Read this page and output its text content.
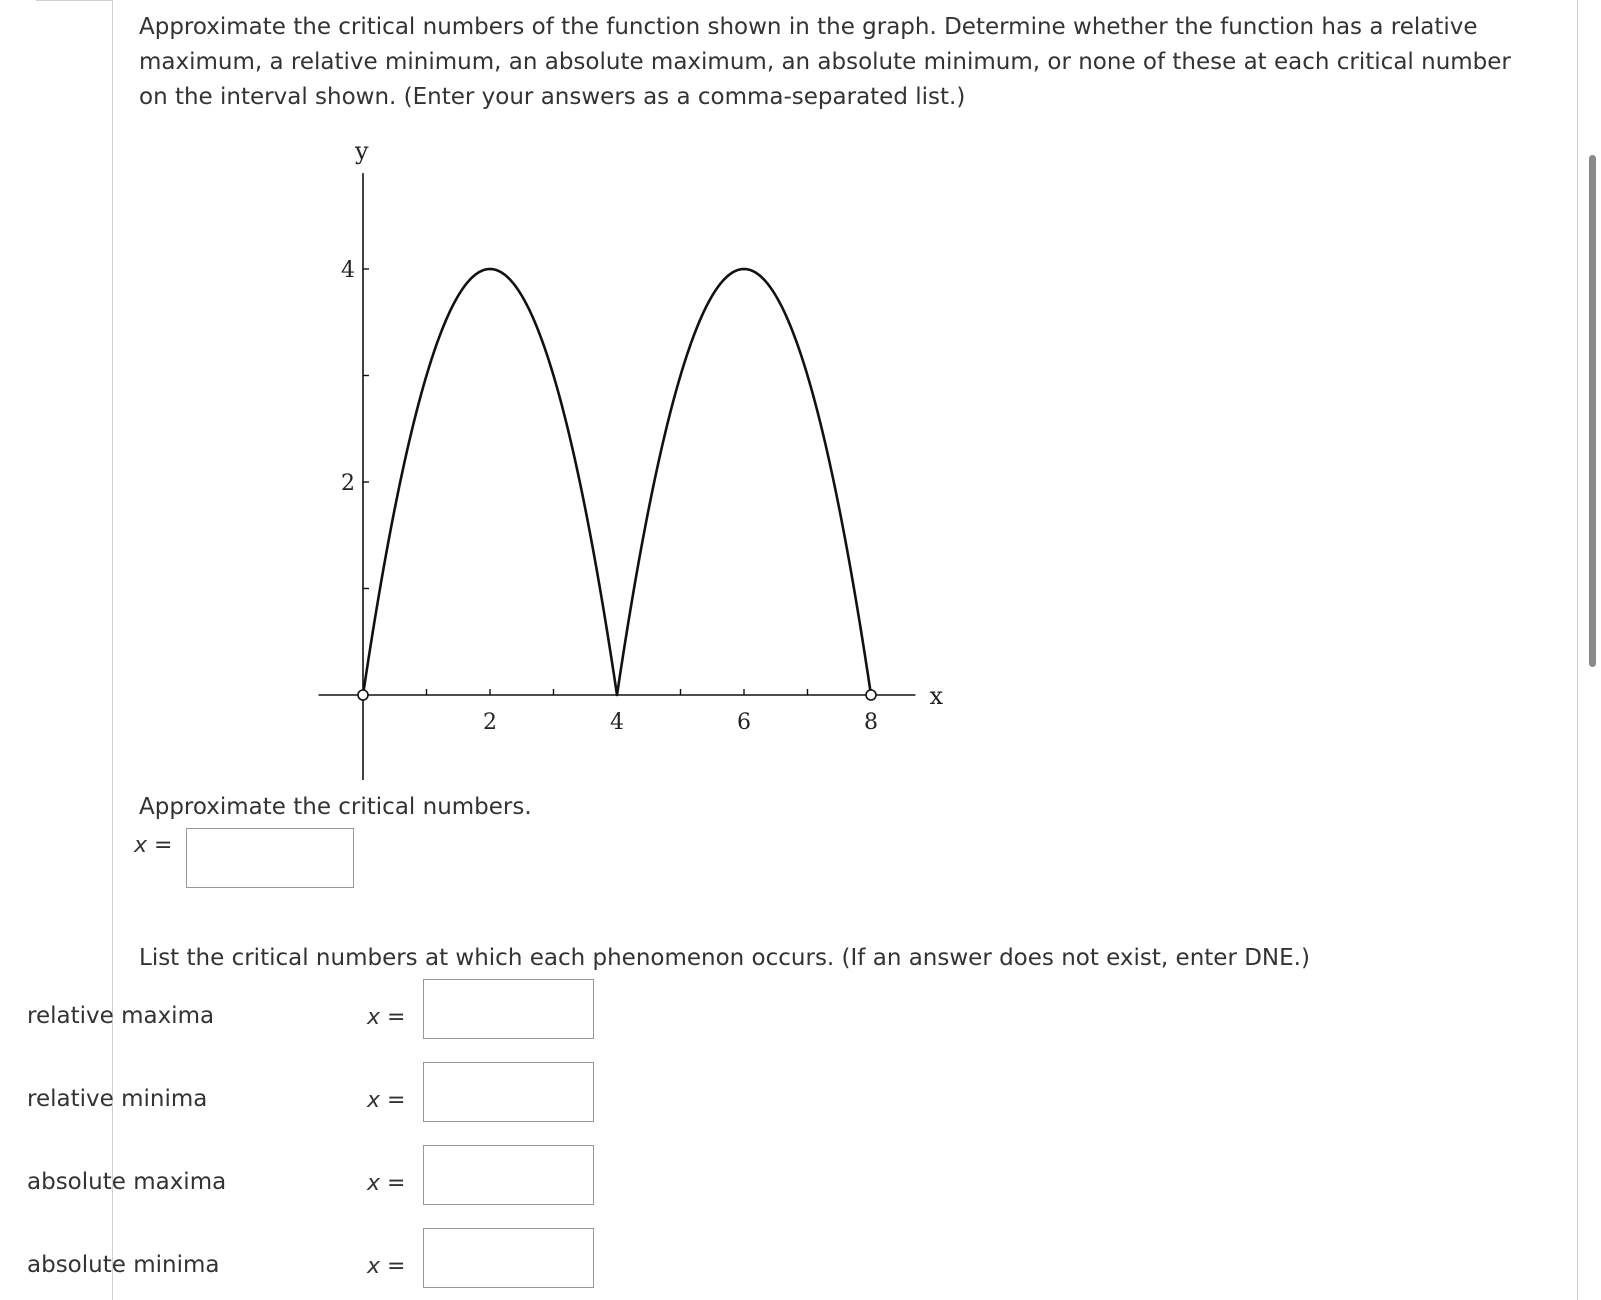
Approximate the critical numbers of the function shown in the graph. Determine whether the function has a relative maximum, a relative minimum, an absolute maximum, an absolute minimum, or none of these at each critical number on the interval shown. (Enter your answers as a comma-separated list.)

Approximate the critical numbers.

List the critical numbers at which each phenomenon occurs. (If an answer does not exist, enter DNE.)

x
y
2	4	6	8
2
4
x =
relative maxima	x =
relative minima	x =
absolute maxima	x =
absolute minima	x =
